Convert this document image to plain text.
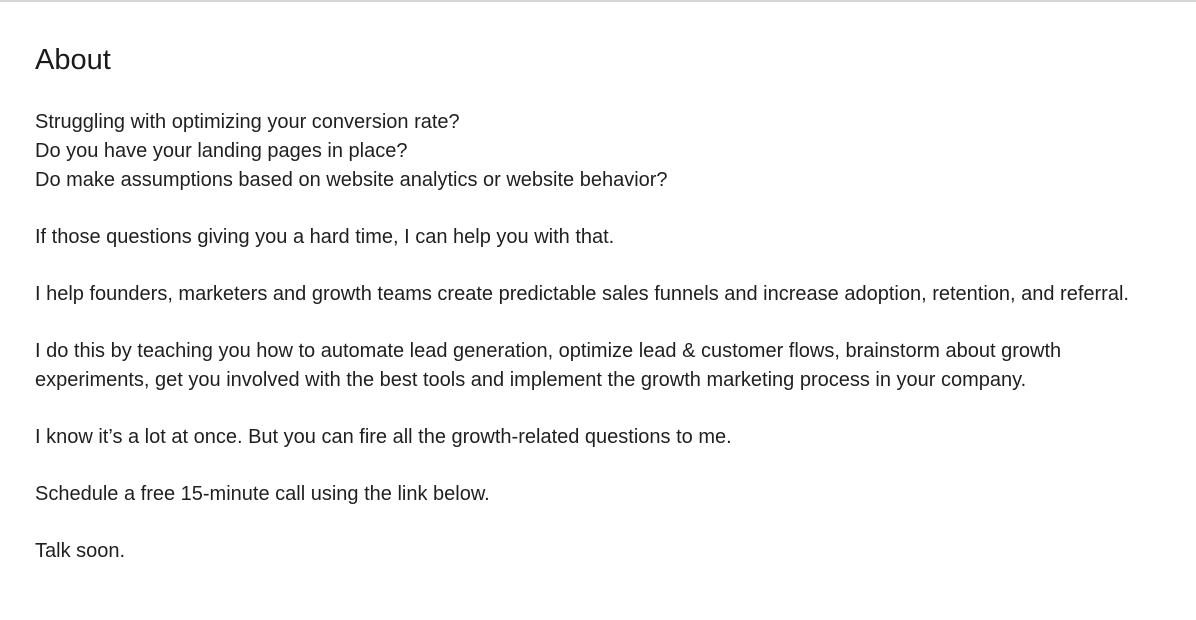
About
Struggling with optimizing your conversion rate?
Do you have your landing pages in place?
Do make assumptions based on website analytics or website behavior?
If those questions giving you a hard time, I can help you with that.
I help founders, marketers and growth teams create predictable sales funnels and increase adoption, retention, and referral.
I do this by teaching you how to automate lead generation, optimize lead & customer flows, brainstorm about growth experiments, get you involved with the best tools and implement the growth marketing process in your company.
I know it’s a lot at once. But you can fire all the growth-related questions to me.
Schedule a free 15-minute call using the link below.
Talk soon.
